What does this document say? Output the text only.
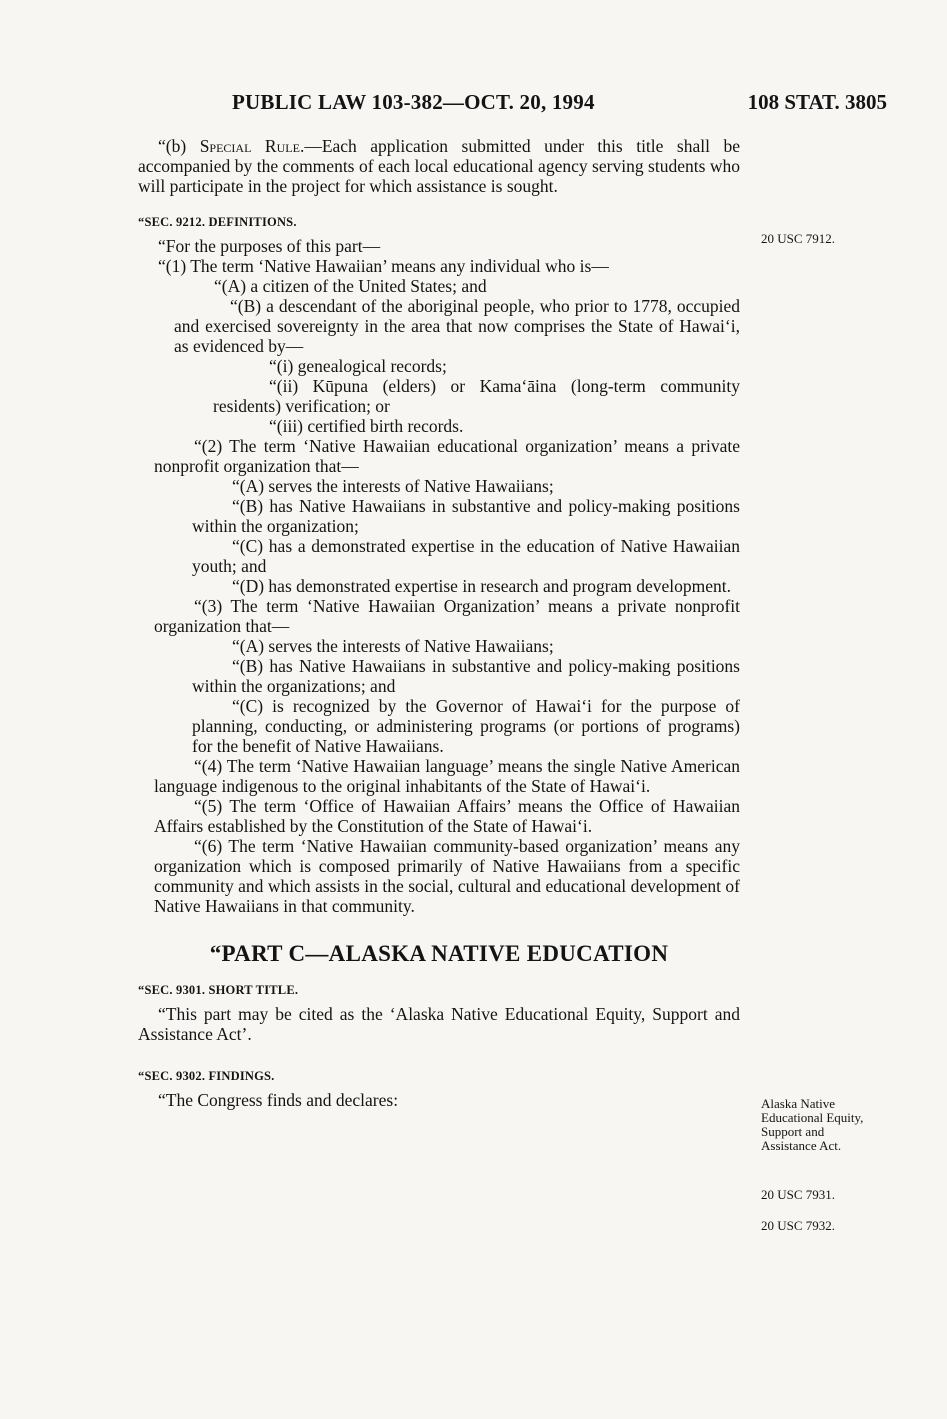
PUBLIC LAW 103-382—OCT. 20, 1994	108 STAT. 3805

“(b) Special Rule.—Each application submitted under this title shall be accompanied by the comments of each local educational agency serving students who will participate in the project for which assistance is sought.

“SEC. 9212. DEFINITIONS.

“For the purposes of this part—

“(1) The term ‘Native Hawaiian’ means any individual who is—

“(A) a citizen of the United States; and

“(B) a descendant of the aboriginal people, who prior to 1778, occupied and exercised sovereignty in the area that now comprises the State of Hawai‘i, as evidenced by—

“(i) genealogical records;

“(ii) Kūpuna (elders) or Kama‘āina (long-term community residents) verification; or

“(iii) certified birth records.

“(2) The term ‘Native Hawaiian educational organization’ means a private nonprofit organization that—

“(A) serves the interests of Native Hawaiians;

“(B) has Native Hawaiians in substantive and policy-making positions within the organization;

“(C) has a demonstrated expertise in the education of Native Hawaiian youth; and

“(D) has demonstrated expertise in research and program development.

“(3) The term ‘Native Hawaiian Organization’ means a private nonprofit organization that—

“(A) serves the interests of Native Hawaiians;

“(B) has Native Hawaiians in substantive and policy-making positions within the organizations; and

“(C) is recognized by the Governor of Hawai‘i for the purpose of planning, conducting, or administering programs (or portions of programs) for the benefit of Native Hawaiians.

“(4) The term ‘Native Hawaiian language’ means the single Native American language indigenous to the original inhabitants of the State of Hawai‘i.

“(5) The term ‘Office of Hawaiian Affairs’ means the Office of Hawaiian Affairs established by the Constitution of the State of Hawai‘i.

“(6) The term ‘Native Hawaiian community-based organization’ means any organization which is composed primarily of Native Hawaiians from a specific community and which assists in the social, cultural and educational development of Native Hawaiians in that community.

“PART C—ALASKA NATIVE EDUCATION
“SEC. 9301. SHORT TITLE.

“This part may be cited as the ‘Alaska Native Educational Equity, Support and Assistance Act’.

“SEC. 9302. FINDINGS.

“The Congress finds and declares:

20 USC 7912.
Alaska Native Educational Equity, Support and Assistance Act.
20 USC 7931.
20 USC 7932.
